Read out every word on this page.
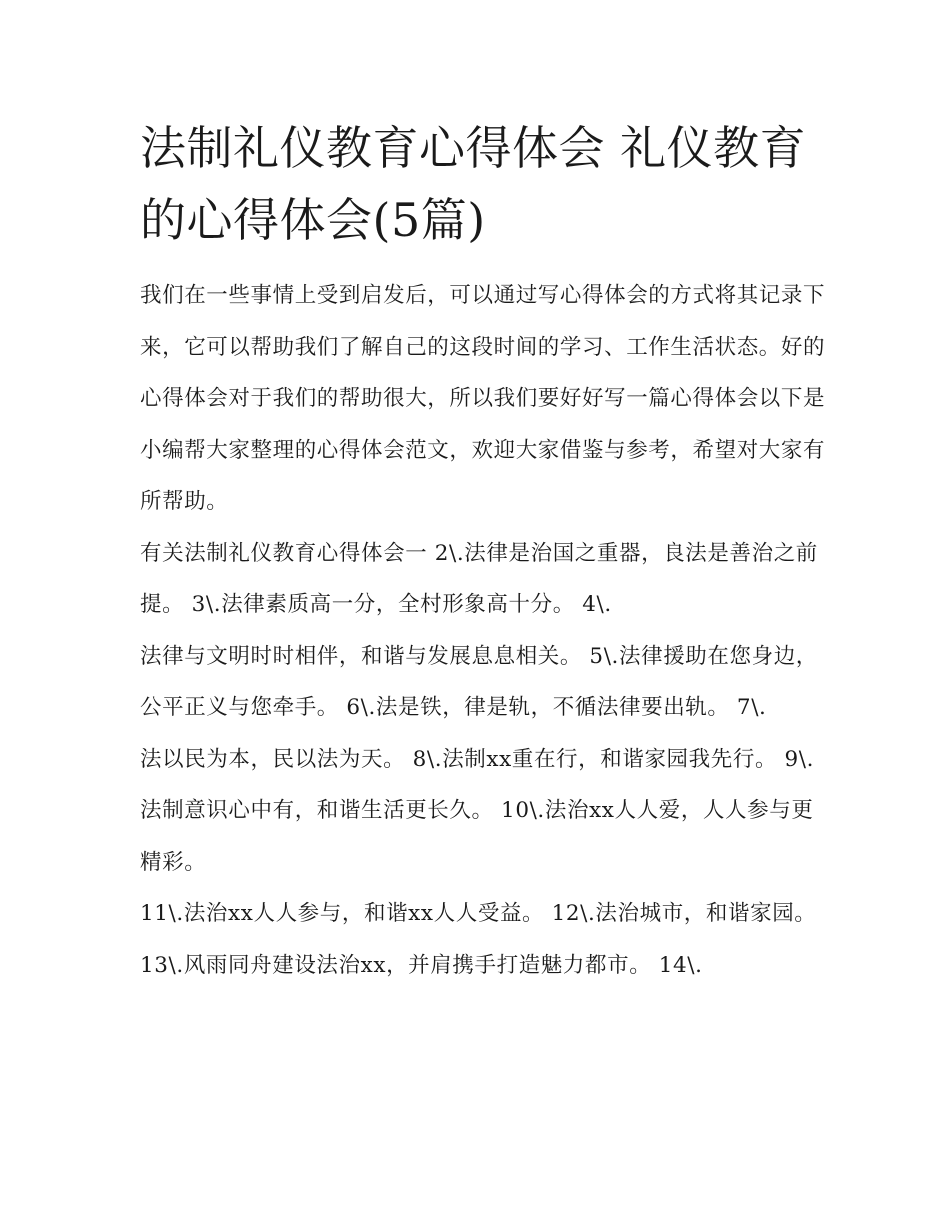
法制礼仪教育心得体会 礼仪教育的心得体会(5篇)

我们在一些事情上受到启发后，可以通过写心得体会的方式将其记录下来，它可以帮助我们了解自己的这段时间的学习、工作生活状态。好的心得体会对于我们的帮助很大，所以我们要好好写一篇心得体会以下是小编帮大家整理的心得体会范文，欢迎大家借鉴与参考，希望对大家有所帮助。

有关法制礼仪教育心得体会一 2\.法律是治国之重器，良法是善治之前提。 3\.法律素质高一分，全村形象高十分。 4\.

法律与文明时时相伴，和谐与发展息息相关。 5\.法律援助在您身边，公平正义与您牵手。 6\.法是铁，律是轨，不循法律要出轨。 7\.

法以民为本，民以法为天。 8\.法制xx重在行，和谐家园我先行。 9\.法制意识心中有，和谐生活更长久。 10\.法治xx人人爱，人人参与更精彩。

11\.法治xx人人参与，和谐xx人人受益。 12\.法治城市，和谐家园。 13\.风雨同舟建设法治xx，并肩携手打造魅力都市。 14\.
